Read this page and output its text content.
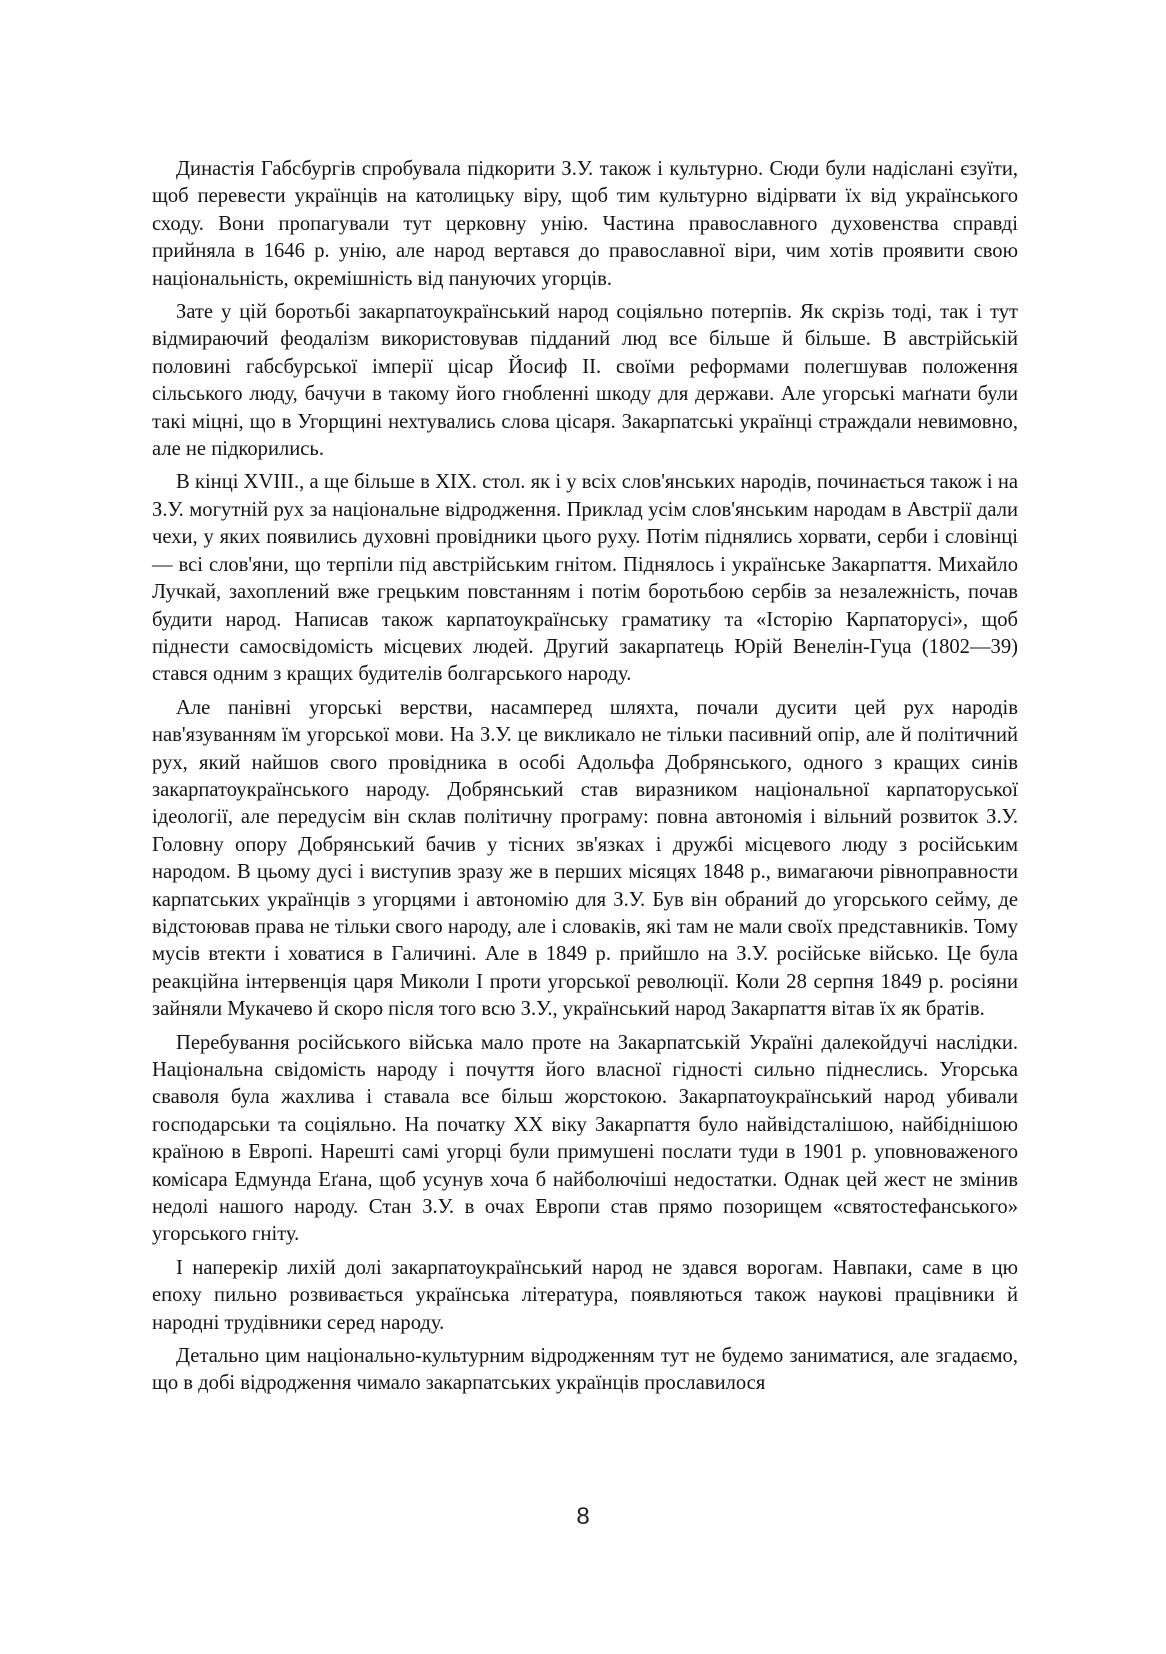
Династія Габсбургів спробувала підкорити З.У. також і культурно. Сюди були надіслані єзуїти, щоб перевести українців на католицьку віру, щоб тим культурно відірвати їх від українського сходу. Вони пропагували тут церковну унію. Частина православного духовенства справді прийняла в 1646 р. унію, але народ вертався до православної віри, чим хотів проявити свою національність, окремішність від пануючих угорців.

Зате у цій боротьбі закарпатоукраїнський народ соціяльно потерпів. Як скрізь тоді, так і тут відмираючий феодалізм використовував підданий люд все більше й більше. В австрійській половині габсбурської імперії цісар Йосиф II. своїми реформами полегшував положення сільського люду, бачучи в такому його гнобленні шкоду для держави. Але угорські маґнати були такі міцні, що в Угорщині нехтувались слова цісаря. Закарпатські українці страждали невимовно, але не підкорились.

В кінці XVIII., а ще більше в XIX. стол. як і у всіх слов'янських народів, починається також і на З.У. могутній рух за національне відродження. Приклад усім слов'янським народам в Австрії дали чехи, у яких появились духовні провідники цього руху. Потім піднялись хорвати, серби і словінці — всі слов'яни, що терпіли під австрійським гнітом. Піднялось і українське Закарпаття. Михайло Лучкай, захоплений вже грецьким повстанням і потім боротьбою сербів за незалежність, почав будити народ. Написав також карпатоукраїнську граматику та «Історію Карпаторусі», щоб піднести самосвідомість місцевих людей. Другий закарпатець Юрій Венелін-Гуца (1802—39) стався одним з кращих будителів болгарського народу.

Але панівні угорські верстви, насамперед шляхта, почали дусити цей рух народів нав'язуванням їм угорської мови. На З.У. це викликало не тільки пасивний опір, але й політичний рух, який найшов свого провідника в особі Адольфа Добрянського, одного з кращих синів закарпатоукраїнського народу. Добрянський став виразником національної карпаторуської ідеології, але передусім він склав політичну програму: повна автономія і вільний розвиток З.У. Головну опору Добрянський бачив у тісних зв'язках і дружбі місцевого люду з російським народом. В цьому дусі і виступив зразу же в перших місяцях 1848 р., вимагаючи рівноправности карпатських українців з угорцями і автономію для З.У. Був він обраний до угорського сейму, де відстоював права не тільки свого народу, але і словаків, які там не мали своїх представників. Тому мусів втекти і ховатися в Галичині. Але в 1849 р. прийшло на З.У. російське військо. Це була реакційна інтервенція царя Миколи І проти угорської революції. Коли 28 серпня 1849 р. росіяни зайняли Мукачево й скоро після того всю З.У., український народ Закарпаття вітав їх як братів.

Перебування російського війська мало проте на Закарпатській Україні далекойдучі наслідки. Національна свідомість народу і почуття його власної гідності сильно піднеслись. Угорська сваволя була жахлива і ставала все більш жорстокою. Закарпатоукраїнський народ убивали господарськи та соціяльно. На початку XX віку Закарпаття було найвідсталішою, найбіднішою країною в Европі. Нарешті самі угорці були примушені послати туди в 1901 р. уповноваженого комісара Едмунда Еґана, щоб усунув хоча б найболючіші недостатки. Однак цей жест не змінив недолі нашого народу. Стан З.У. в очах Европи став прямо позорищем «святостефанського» угорського гніту.

І наперекір лихій долі закарпатоукраїнський народ не здався ворогам. Навпаки, саме в цю епоху пильно розвивається українська література, появляються також наукові працівники й народні трудівники серед народу.

Детально цим національно-культурним відродженням тут не будемо заниматися, але згадаємо, що в добі відродження чимало закарпатських українців прославилося

8
